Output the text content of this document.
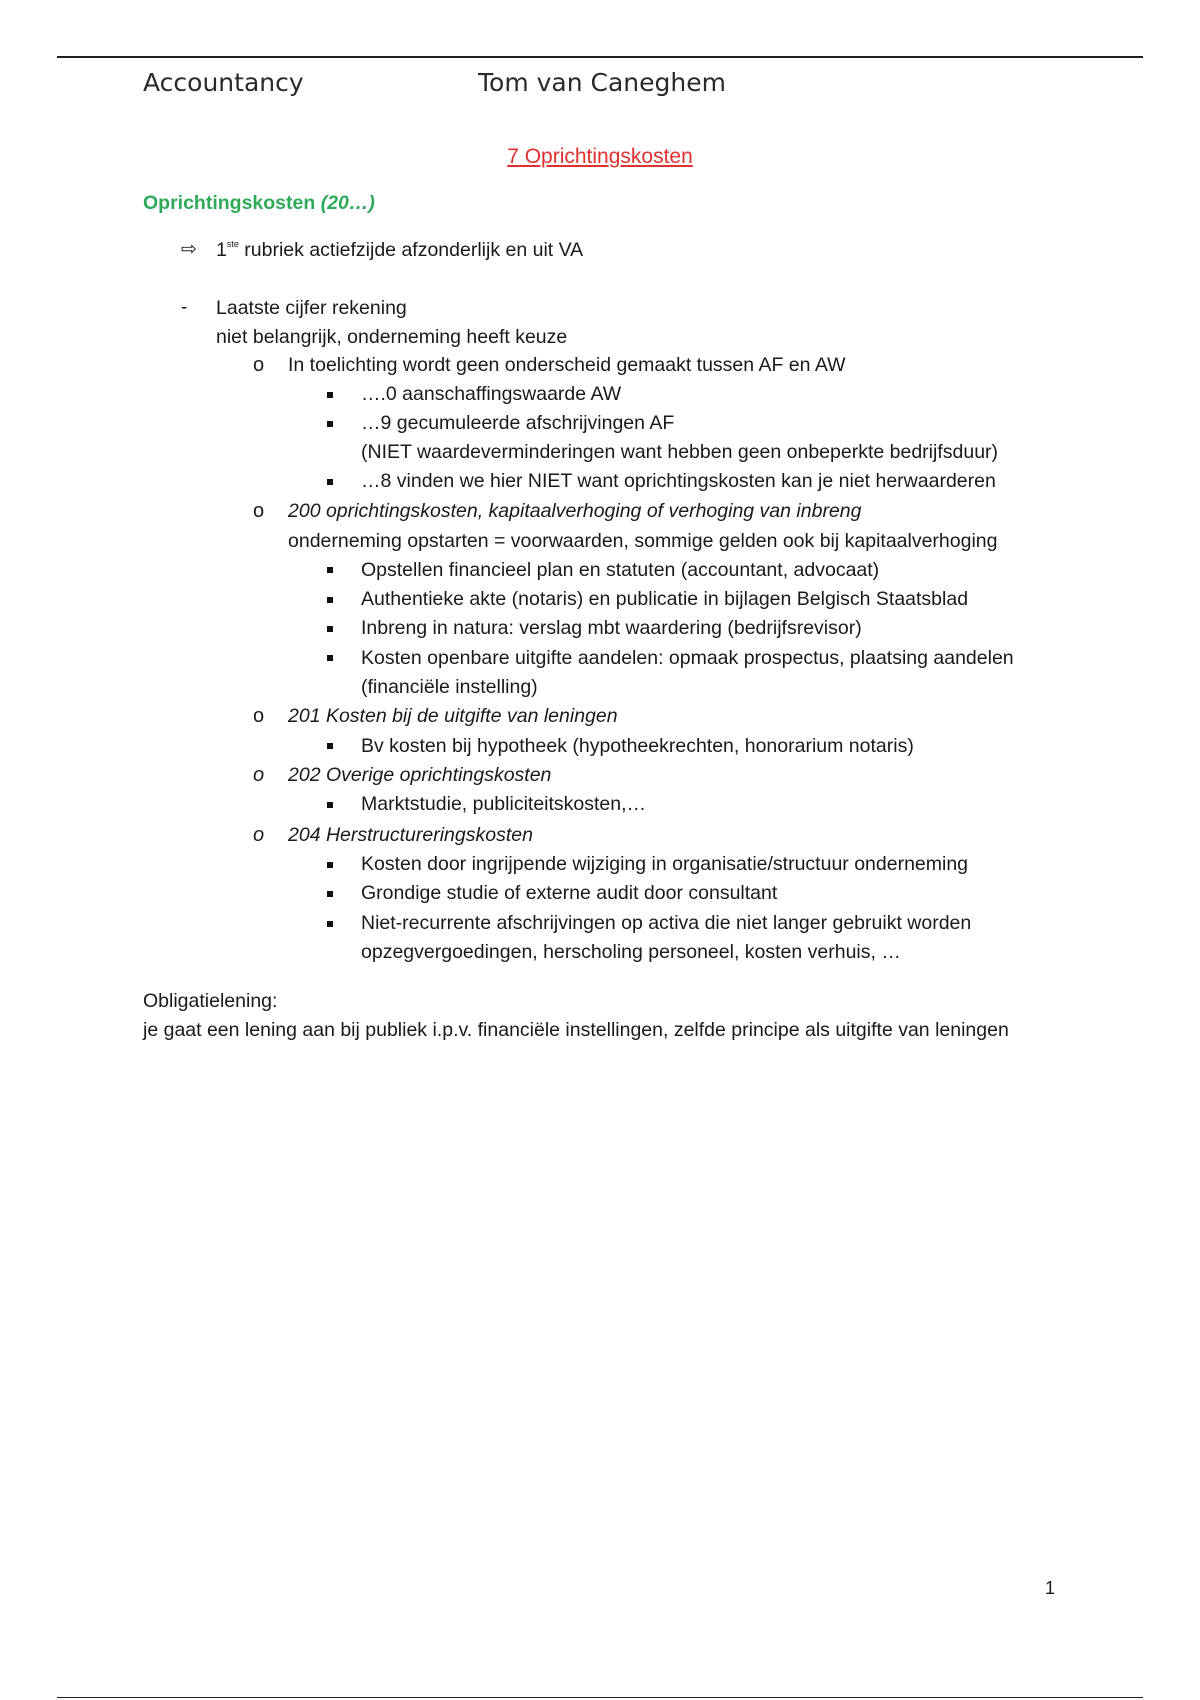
Accountancy	Tom van Caneghem
7 Oprichtingskosten
Oprichtingskosten (20…)
⇨ 1ste rubriek actiefzijde afzonderlijk en uit VA
- Laatste cijfer rekening
niet belangrijk, onderneming heeft keuze
o In toelichting wordt geen onderscheid gemaakt tussen AF en AW
….0 aanschaffingswaarde AW
…9 gecumuleerde afschrijvingen AF
(NIET waardeverminderingen want hebben geen onbeperkte bedrijfsduur)
…8 vinden we hier NIET want oprichtingskosten kan je niet herwaarderen
o 200 oprichtingskosten, kapitaalverhoging of verhoging van inbreng
onderneming opstarten = voorwaarden, sommige gelden ook bij kapitaalverhoging
Opstellen financieel plan en statuten (accountant, advocaat)
Authentieke akte (notaris) en publicatie in bijlagen Belgisch Staatsblad
Inbreng in natura: verslag mbt waardering (bedrijfsrevisor)
Kosten openbare uitgifte aandelen: opmaak prospectus, plaatsing aandelen
(financiële instelling)
o 201 Kosten bij de uitgifte van leningen
Bv kosten bij hypotheek (hypotheekrechten, honorarium notaris)
o 202 Overige oprichtingskosten
Marktstudie, publiciteitskosten,…
o 204 Herstructureringskosten
Kosten door ingrijpende wijziging in organisatie/structuur onderneming
Grondige studie of externe audit door consultant
Niet-recurrente afschrijvingen op activa die niet langer gebruikt worden
opzegvergoedingen, herscholing personeel, kosten verhuis, …
Obligatielening:
je gaat een lening aan bij publiek i.p.v. financiële instellingen, zelfde principe als uitgifte van leningen
1
